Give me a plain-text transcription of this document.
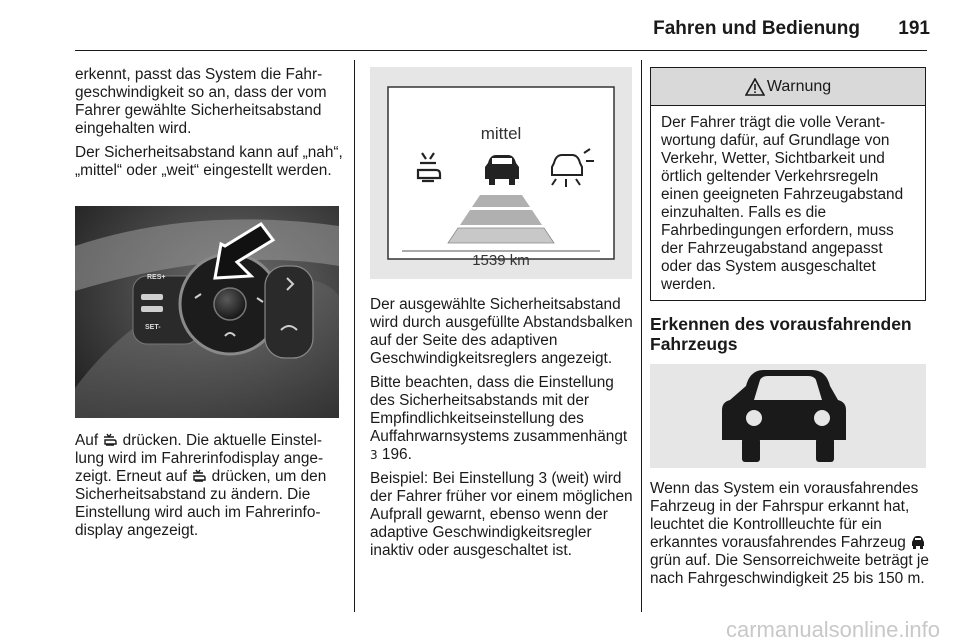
Fahren und Bedienung	191

erkennt, passt das System die Fahrgeschwindigkeit so an, dass der vom Fahrer gewählte Sicherheitsabstand eingehalten wird.

Der Sicherheitsabstand kann auf „nah“, „mittel“ oder „weit“ eingestellt werden.

RES+
SET-

Auf  drücken. Die aktuelle Einstellung wird im Fahrerinfodisplay angezeigt. Erneut auf  drücken, um den Sicherheitsabstand zu ändern. Die Einstellung wird auch im Fahrerinfodisplay angezeigt.

mittel
1539 km

Der ausgewählte Sicherheitsabstand wird durch ausgefüllte Abstandsbalken auf der Seite des adaptiven Geschwindigkeitsreglers angezeigt.

Bitte beachten, dass die Einstellung des Sicherheitsabstands mit der Empfindlichkeitseinstellung des Auffahrwarnsystems zusammenhängt 3 196.

Beispiel: Bei Einstellung 3 (weit) wird der Fahrer früher vor einem möglichen Aufprall gewarnt, ebenso wenn der adaptive Geschwindigkeitsregler inaktiv oder ausgeschaltet ist.

Warnung
Der Fahrer trägt die volle Verantwortung dafür, auf Grundlage von Verkehr, Wetter, Sichtbarkeit und örtlich geltender Verkehrsregeln einen geeigneten Fahrzeugabstand einzuhalten. Falls es die Fahrbedingungen erfordern, muss der Fahrzeugabstand angepasst oder das System ausgeschaltet werden.
Erkennen des vorausfahrenden Fahrzeugs

Wenn das System ein vorausfahrendes Fahrzeug in der Fahrspur erkannt hat, leuchtet die Kontrollleuchte für ein erkanntes vorausfahrendes Fahrzeug  grün auf. Die Sensorreichweite beträgt je nach Fahrgeschwindigkeit 25 bis 150 m.

carmanualsonline.info
